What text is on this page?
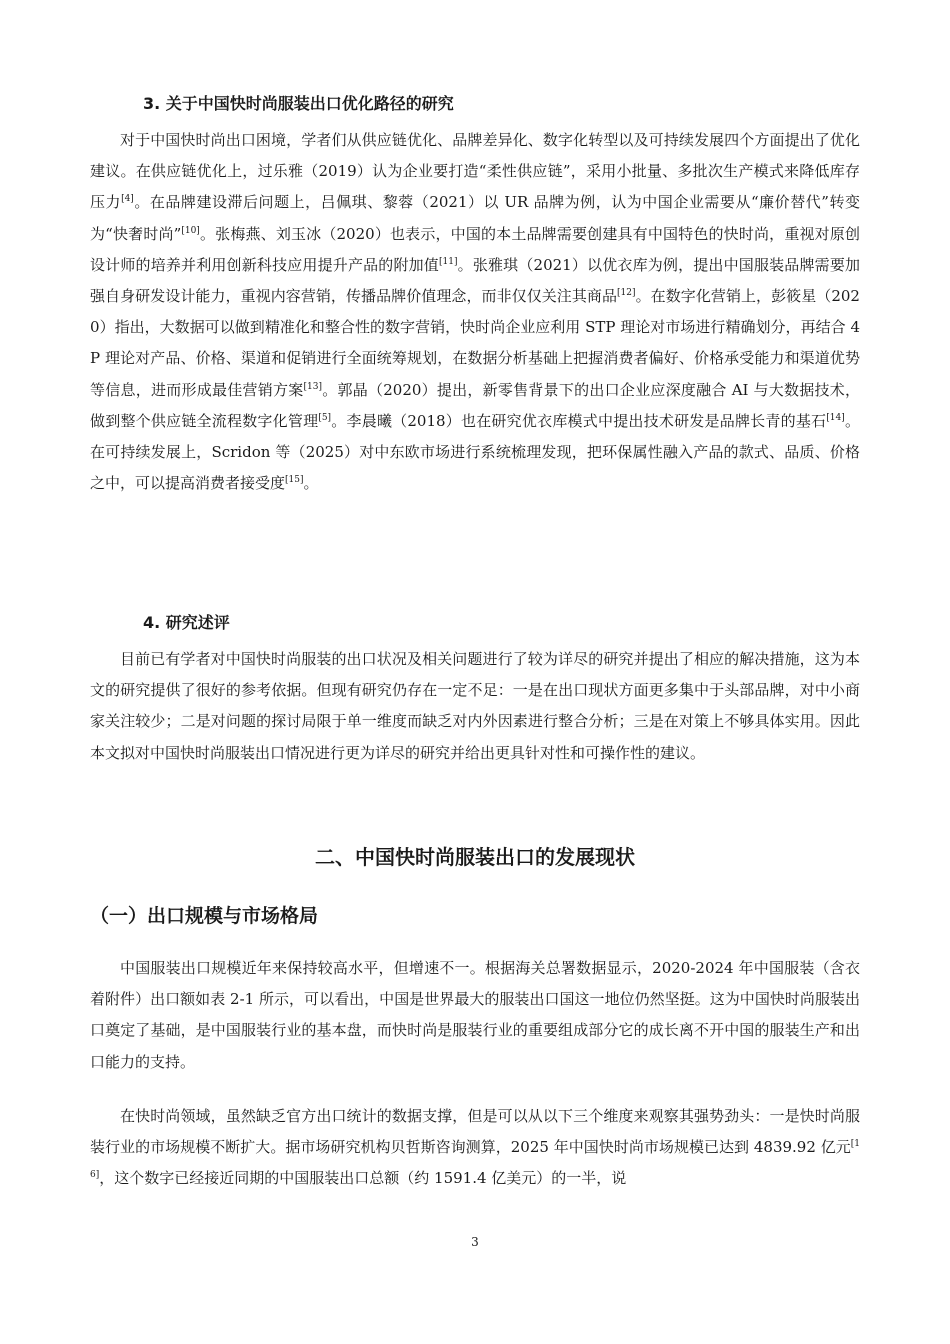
3. 关于中国快时尚服装出口优化路径的研究

对于中国快时尚出口困境，学者们从供应链优化、品牌差异化、数字化转型以及可持续发展四个方面提出了优化建议。在供应链优化上，过乐雅（2019）认为企业要打造“柔性供应链”，采用小批量、多批次生产模式来降低库存压力[4]。在品牌建设滞后问题上，吕佩琪、黎蓉（2021）以 UR 品牌为例，认为中国企业需要从“廉价替代”转变为“快奢时尚”[10]。张梅燕、刘玉冰（2020）也表示，中国的本土品牌需要创建具有中国特色的快时尚，重视对原创设计师的培养并利用创新科技应用提升产品的附加值[11]。张雅琪（2021）以优衣库为例，提出中国服装品牌需要加强自身研发设计能力，重视内容营销，传播品牌价值理念，而非仅仅关注其商品[12]。在数字化营销上，彭筱星（2020）指出，大数据可以做到精准化和整合性的数字营销，快时尚企业应利用 STP 理论对市场进行精确划分，再结合 4P 理论对产品、价格、渠道和促销进行全面统筹规划，在数据分析基础上把握消费者偏好、价格承受能力和渠道优势等信息，进而形成最佳营销方案[13]。郭晶（2020）提出，新零售背景下的出口企业应深度融合 AI 与大数据技术，做到整个供应链全流程数字化管理[5]。李晨曦（2018）也在研究优衣库模式中提出技术研发是品牌长青的基石[14]。在可持续发展上，Scridon 等（2025）对中东欧市场进行系统梳理发现，把环保属性融入产品的款式、品质、价格之中，可以提高消费者接受度[15]。

4. 研究述评

目前已有学者对中国快时尚服装的出口状况及相关问题进行了较为详尽的研究并提出了相应的解决措施，这为本文的研究提供了很好的参考依据。但现有研究仍存在一定不足：一是在出口现状方面更多集中于头部品牌，对中小商家关注较少；二是对问题的探讨局限于单一维度而缺乏对内外因素进行整合分析；三是在对策上不够具体实用。因此本文拟对中国快时尚服装出口情况进行更为详尽的研究并给出更具针对性和可操作性的建议。

二、中国快时尚服装出口的发展现状
（一）出口规模与市场格局

中国服装出口规模近年来保持较高水平，但增速不一。根据海关总署数据显示，2020-2024 年中国服装（含衣着附件）出口额如表 2-1 所示，可以看出，中国是世界最大的服装出口国这一地位仍然坚挺。这为中国快时尚服装出口奠定了基础，是中国服装行业的基本盘，而快时尚是服装行业的重要组成部分它的成长离不开中国的服装生产和出口能力的支持。

在快时尚领域，虽然缺乏官方出口统计的数据支撑，但是可以从以下三个维度来观察其强势劲头：一是快时尚服装行业的市场规模不断扩大。据市场研究机构贝哲斯咨询测算，2025 年中国快时尚市场规模已达到 4839.92 亿元[16]，这个数字已经接近同期的中国服装出口总额（约 1591.4 亿美元）的一半，说

3
